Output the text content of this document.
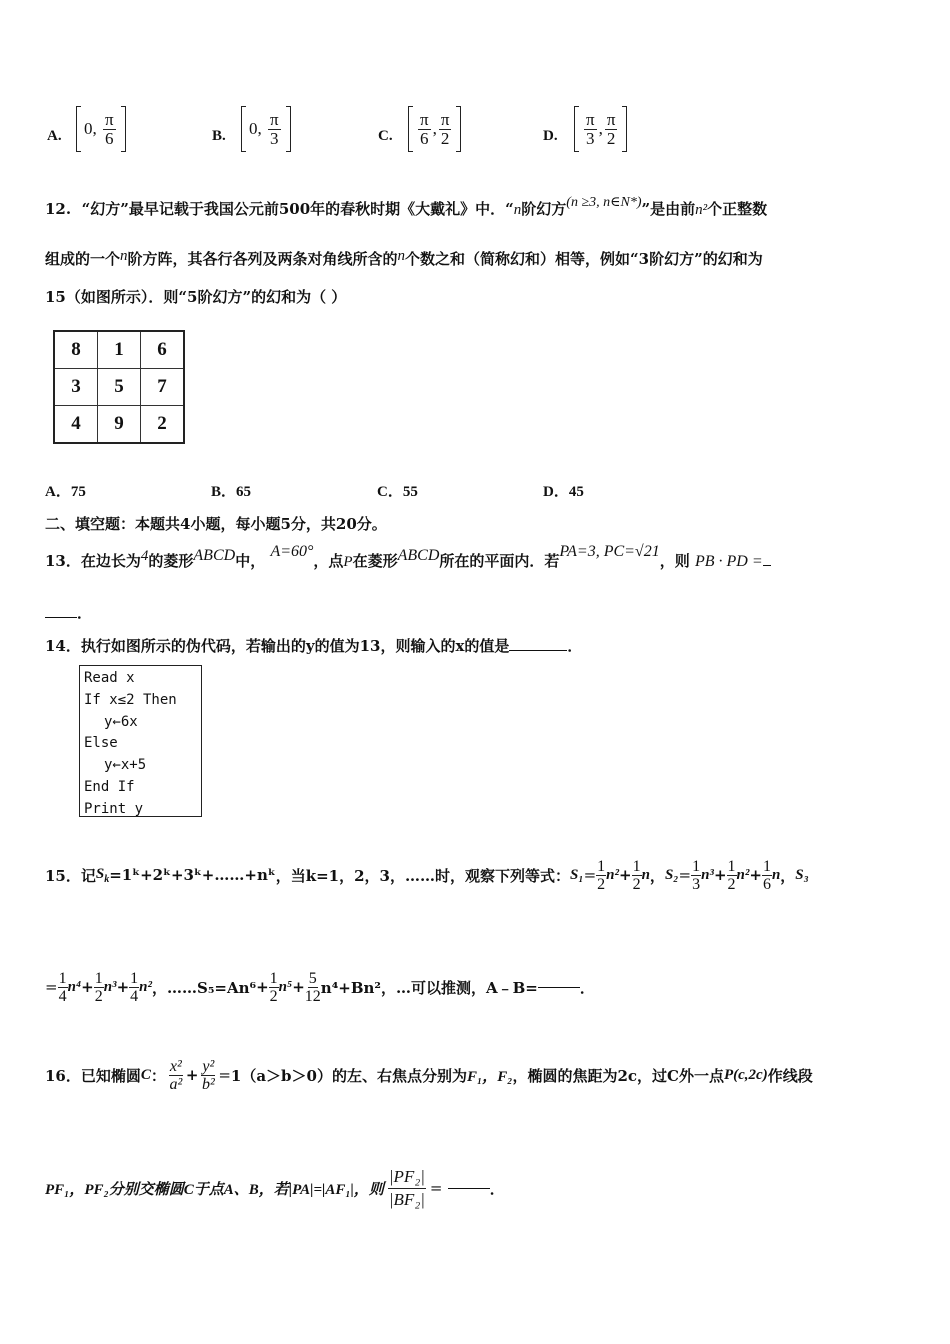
A. 0 , $\frac{\pi}{6}$	B. 0 , $\frac{\pi}{3}$	C. $\frac{\pi}{6}$ , $\frac{\pi}{2}$	D. $\frac{\pi}{3}$ , $\frac{\pi}{2}$
12. “幻方”最早记载于我国公元前500年的春秋时期《大戴礼》中．“n阶幻方(n ≥3, n∈N*)”是由前n²个正整数
组成的一个n阶方阵，其各行各列及两条对角线所含的n个数之和（简称幻和）相等，例如“3阶幻方”的幻和为
15（如图所示）．则“5阶幻方”的幻和为（ ）
8	1	6
3	5	7
4	9	2
A．75	B．65	C．55	D．45
二、填空题：本题共4小题，每小题5分，共20分。
13．在边长为4的菱形ABCD中， A=60°，点P在菱形ABCD所在的平面内．若PA=3, PC=√21，则 PB · PD =
．
14．执行如图所示的伪代码，若输出的y的值为13，则输入的x的值是	．
Read x
If x≤2 Then
y←6x
Else
y←x+5
End If
Print y
15． 记 $S_k$ =1ᵏ+2ᵏ+3ᵏ+……+nᵏ ，当 k=1，2，3，……时，观察下列等式： $S_1 = \frac{1}{2} n^2 + \frac{1}{2}$ n ， $S_2 = \frac{1}{3} n^3 + \frac{1}{2} n^2 + \frac{1}{6}$ n ， S₃
= $\frac{1}{4} n^4 + \frac{1}{2} n^3 + \frac{1}{4} n^2$ ，……S₅=An⁶ + $\frac{1}{2} n^5 + \frac{5}{12} n^4+Bn^2$，…可以推测，A﹣B=	．
16． 已知椭圆 C ： $\frac{\text{x²}}{\text{a²}} + \frac{\text{y²}}{\text{b²}} = 1(a>b>0)$的左、右焦点分别为 F₁，F₂ ，椭圆的焦距为2c，过C外一点 P(c,2c) 作线段
PF₁，PF₂分别交椭圆C于点A、B，若|PA|=|AF₁|，则 $\frac{\text{|PF₂|}}{\text{|BF₂|}}$ =
	．
